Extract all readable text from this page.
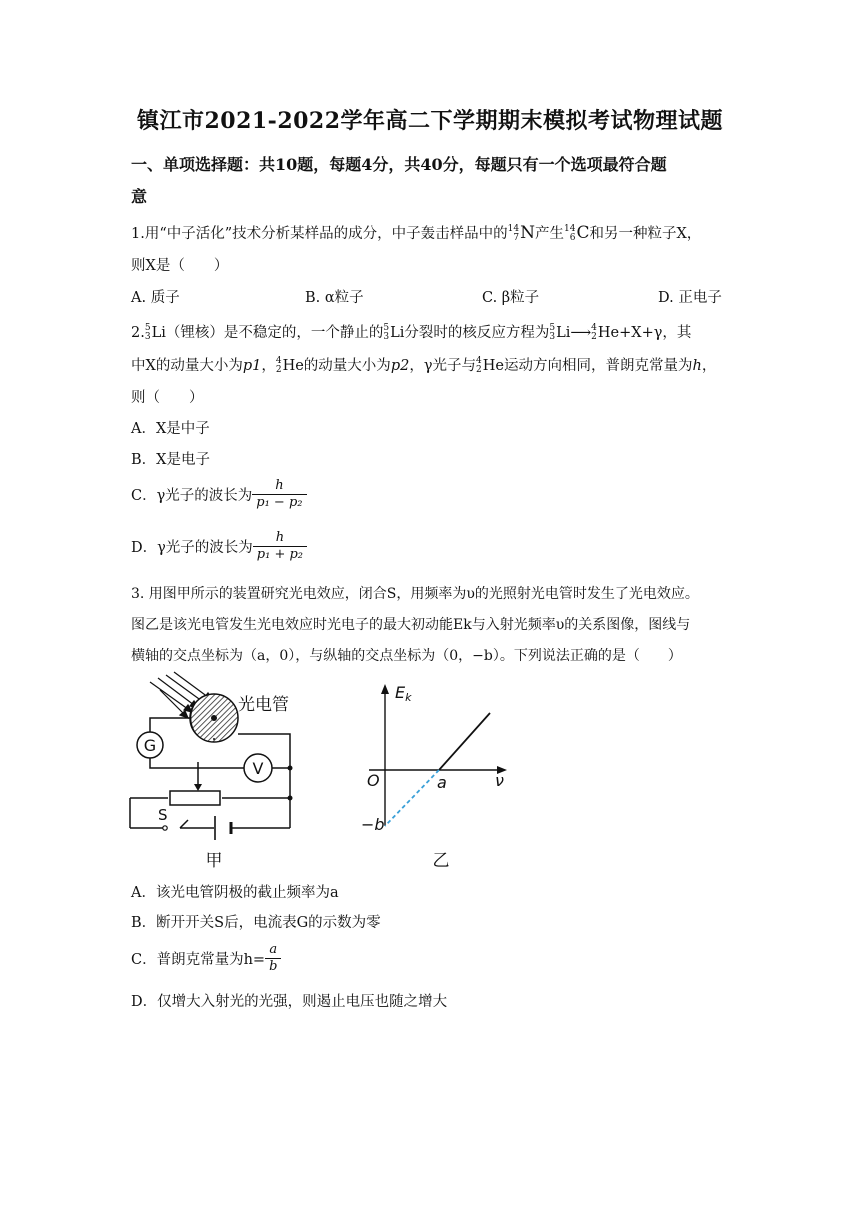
镇江市2021-2022学年高二下学期期末模拟考试物理试题
一、单项选择题：共10题，每题4分，共40分，每题只有一个选项最符合题
意
1.用“中子活化”技术分析某样品的成分，中子轰击样品中的 14
7 N产生 14
6 C和另一种粒子X，
则X是（　　）
A. 质子	B. α粒子	C. β粒子	D. 正电子
2. 5
3 Li（锂核）是不稳定的，一个静止的 5
3 Li分裂时的核反应方程为 5
3 Li⟶ 4
2 He+X+γ，其
中X的动量大小为p1， 4
2 He的动量大小为p2，γ光子与 4
2 He运动方向相同，普朗克常量为h，
则（　　）
A．X是中子
B．X是电子
C．γ光子的波长为 $\frac{h}{\text{p₁ − p₂}}$
D．γ光子的波长为 $\frac{h}{\text{p₁ + p₂}}$
3. 用图甲所示的装置研究光电效应，闭合S，用频率为υ的光照射光电管时发生了光电效应。
图乙是该光电管发生光电效应时光电子的最大初动能Ek与入射光频率υ的关系图像，图线与
横轴的交点坐标为（a，0），与纵轴的交点坐标为（0，−b）。下列说法正确的是（　　）
光电管
G
V
S
甲
Ek
O	ν
a
−b
乙
A．该光电管阴极的截止频率为a
B．断开开关S后，电流表G的示数为零
C．普朗克常量为$h= \frac{a}{b}$
D．仅增大入射光的光强，则遏止电压也随之增大
